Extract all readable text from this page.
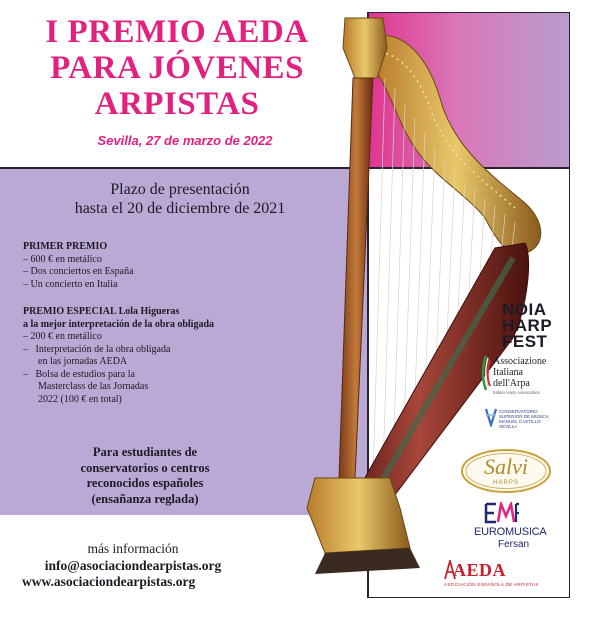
I PREMIO AEDA
PARA JÓVENES
ARPISTAS
Sevilla, 27 de marzo de 2022
Plazo de presentación
hasta el 20 de diciembre de 2021
PRIMER PREMIO
– 600 € en metálico
– Dos conciertos en España
– Un concierto en Italia
PREMIO ESPECIAL Lola Higueras
a la mejor interpretación de la obra obligada
– 200 € en metálico
–   Interpretación de la obra obligada
en las jornadas AEDA
–   Bolsa de estudios para la
Masterclass de las Jornadas
2022 (100 € en total)
Para estudiantes de
conservatorios o centros
reconocidos españoles
(ensañanza reglada)
más información
info@asociaciondearpistas.org
www.asociaciondearpistas.org
NOIA
HARP
FEST
Associazione
Italiana
dell'Arpa
Italian Harp Association
CONSERVATORIO
SUPERIOR DE MÚSICA
MANUEL CASTILLO
SEVILLA
Salvi
HARPS
EUROMUSICA
Fersan
AEDA
ASOCIACIÓN ESPAÑOLA DE ARPISTAS
